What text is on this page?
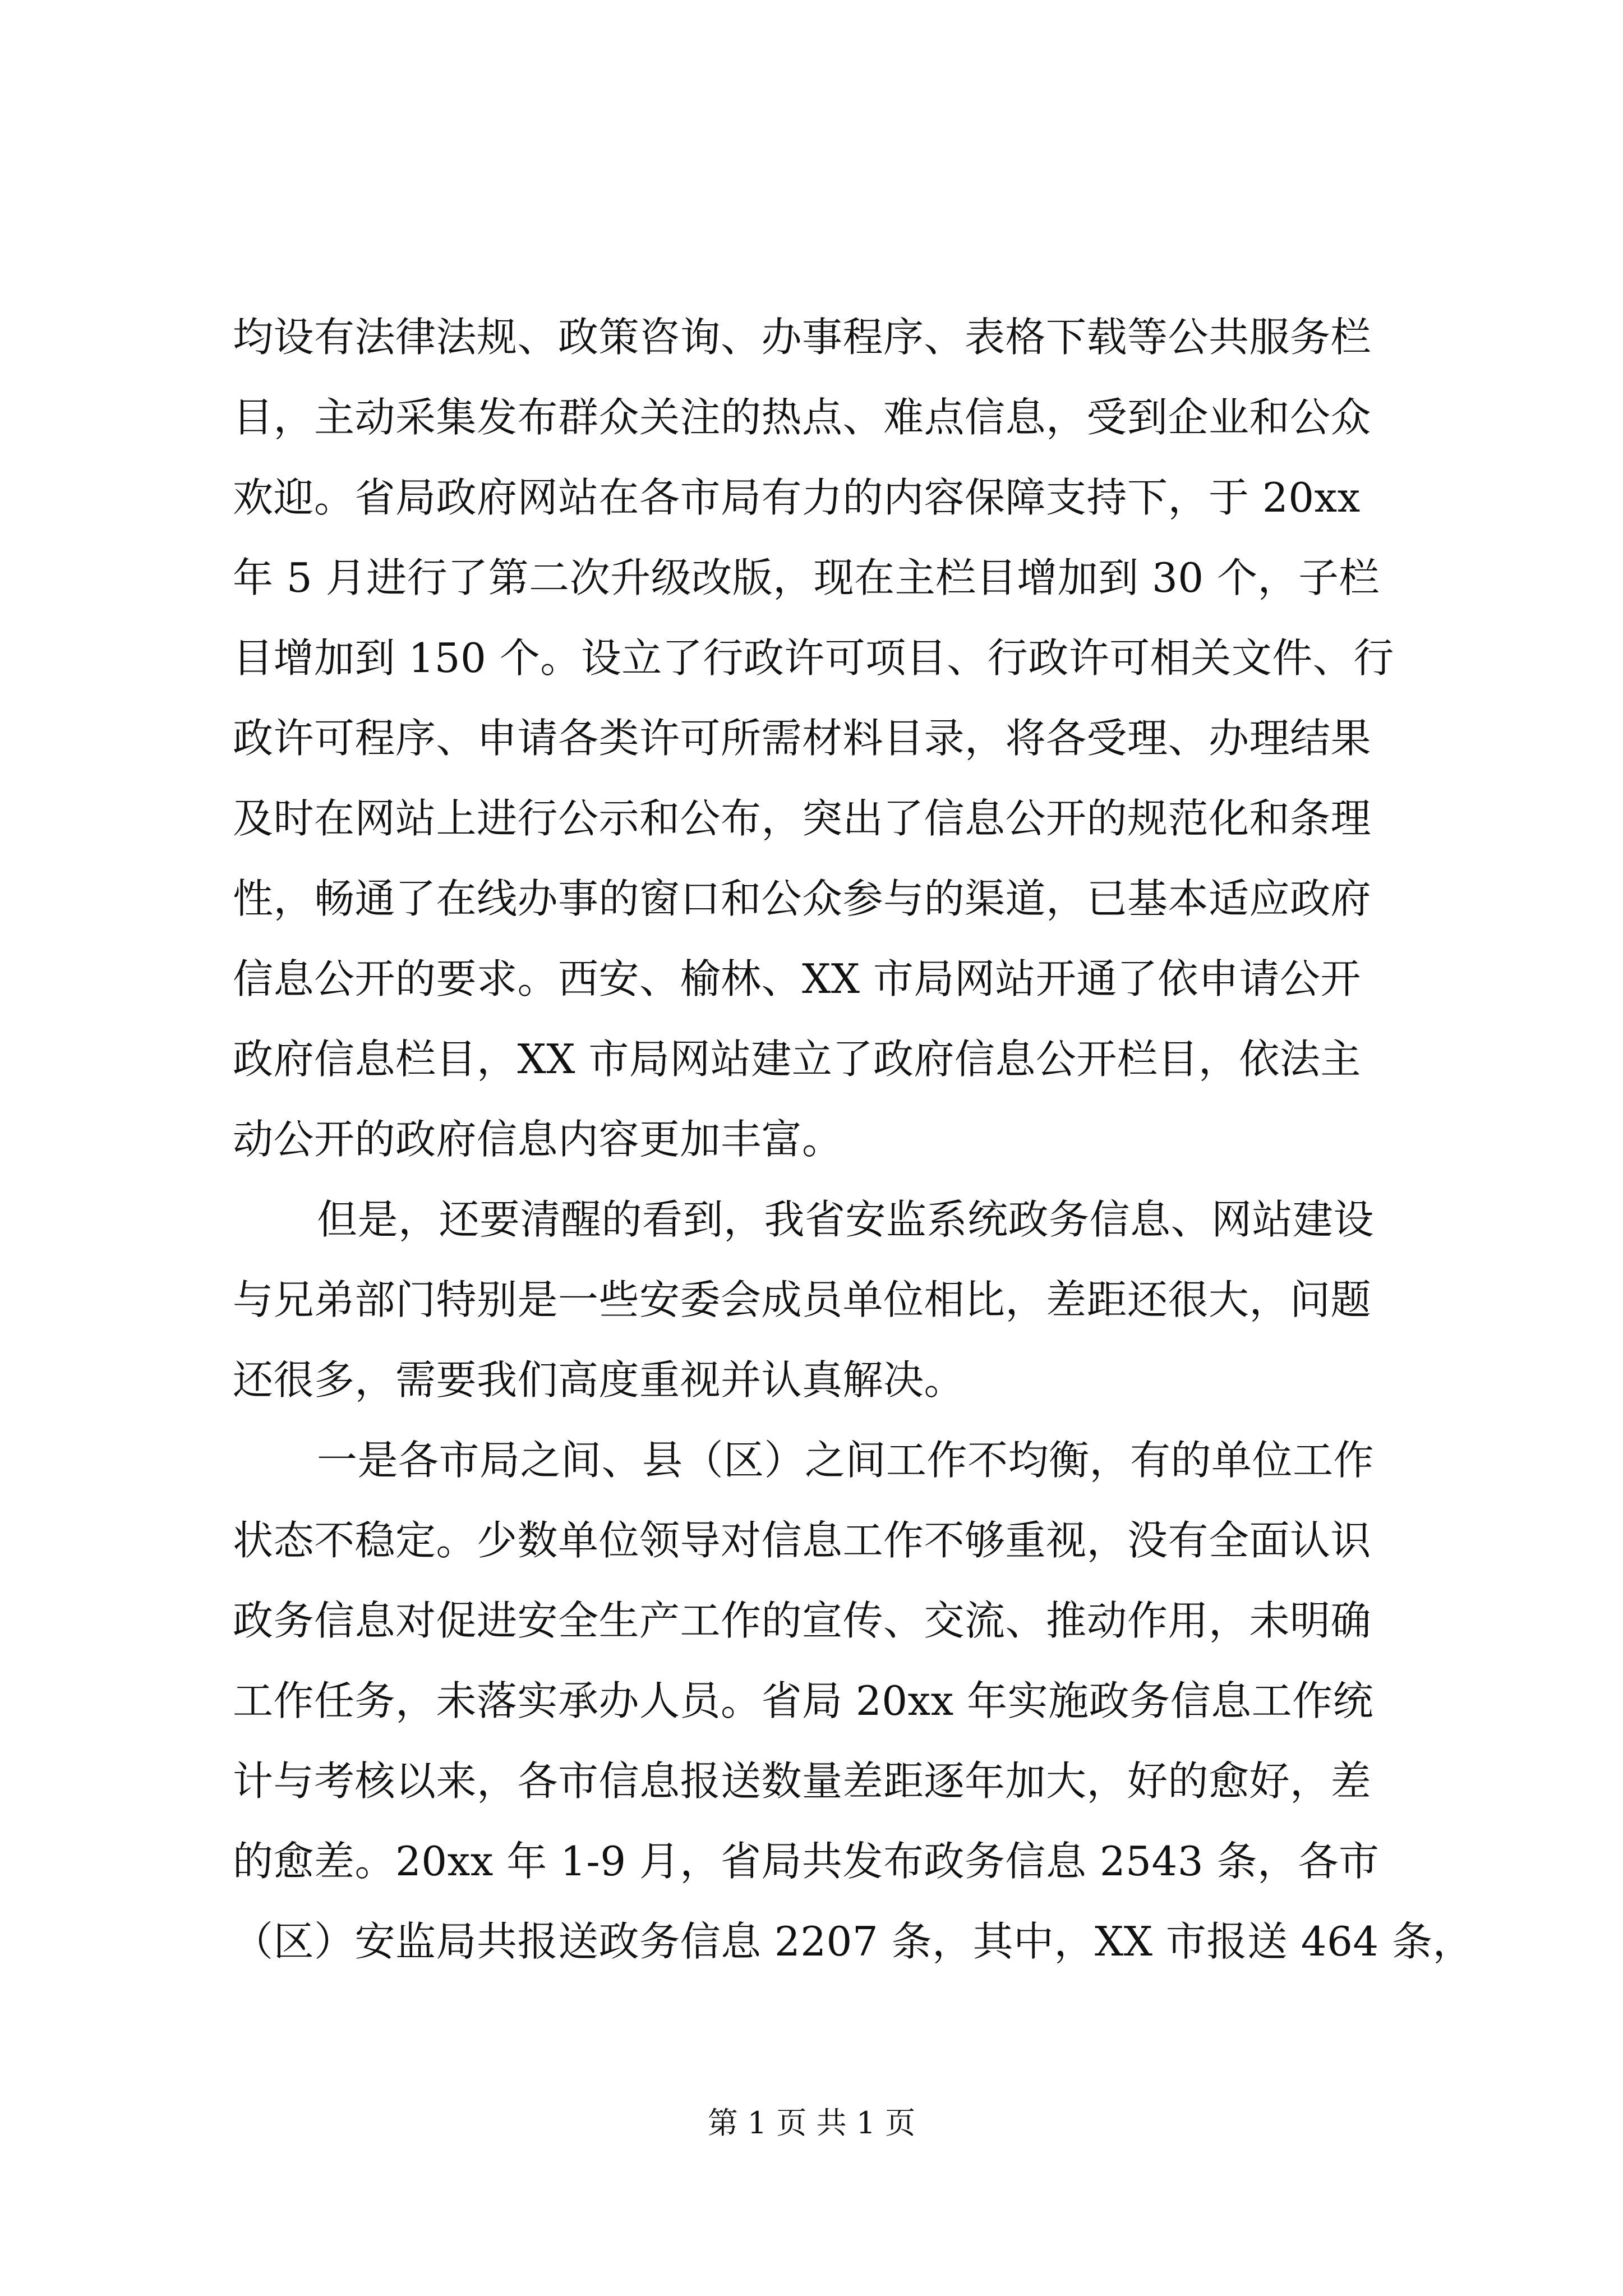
均设有法律法规、政策咨询、办事程序、表格下载等公共服务栏
目，主动采集发布群众关注的热点、难点信息，受到企业和公众
欢迎。省局政府网站在各市局有力的内容保障支持下，于 20xx
年 5 月进行了第二次升级改版，现在主栏目增加到 30 个，子栏
目增加到 150 个。设立了行政许可项目、行政许可相关文件、行
政许可程序、申请各类许可所需材料目录，将各受理、办理结果
及时在网站上进行公示和公布，突出了信息公开的规范化和条理
性，畅通了在线办事的窗口和公众参与的渠道，已基本适应政府
信息公开的要求。西安、榆林、XX 市局网站开通了依申请公开
政府信息栏目，XX 市局网站建立了政府信息公开栏目，依法主
动公开的政府信息内容更加丰富。
但是，还要清醒的看到，我省安监系统政务信息、网站建设
与兄弟部门特别是一些安委会成员单位相比，差距还很大，问题
还很多，需要我们高度重视并认真解决。
一是各市局之间、县（区）之间工作不均衡，有的单位工作
状态不稳定。少数单位领导对信息工作不够重视，没有全面认识
政务信息对促进安全生产工作的宣传、交流、推动作用，未明确
工作任务，未落实承办人员。省局 20xx 年实施政务信息工作统
计与考核以来，各市信息报送数量差距逐年加大，好的愈好，差
的愈差。20xx 年 1-9 月，省局共发布政务信息 2543 条，各市
（区）安监局共报送政务信息 2207 条，其中，XX 市报送 464 条，
第 1 页 共 1 页
